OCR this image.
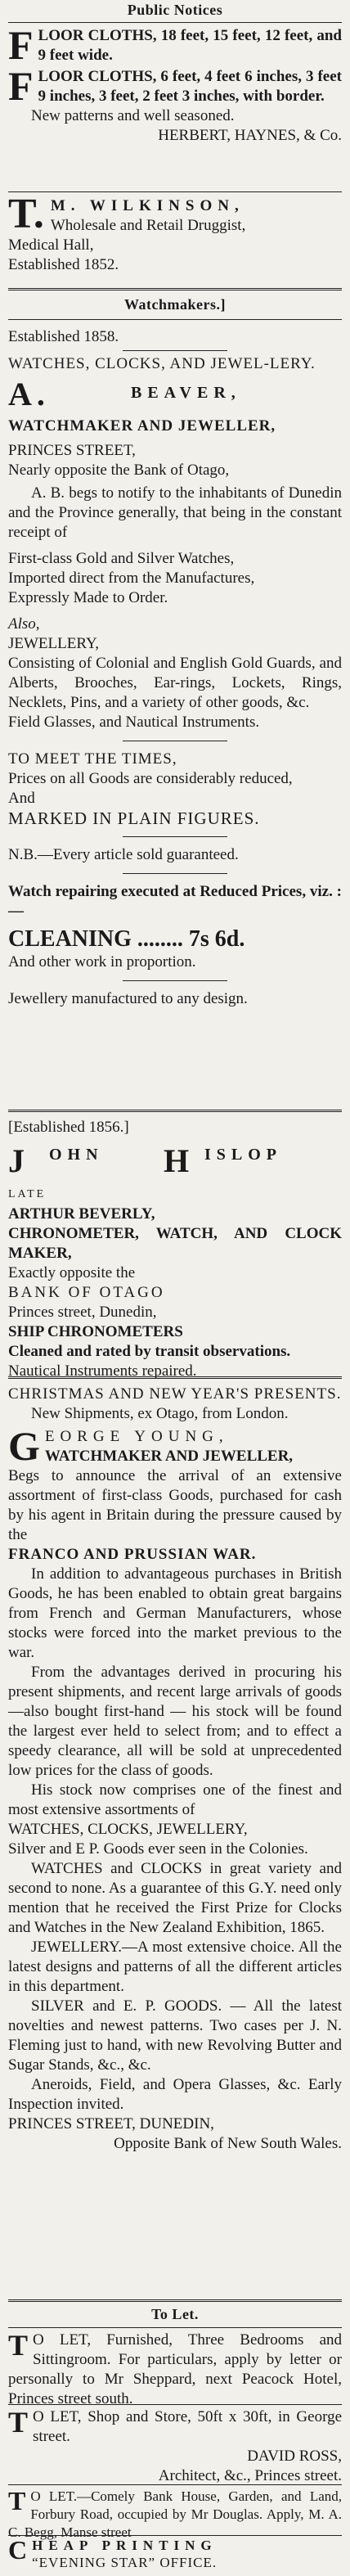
Public Notices

FLOOR CLOTHS, 18 feet, 15 feet, 12 feet, and 9 feet wide.

FLOOR CLOTHS, 6 feet, 4 feet 6 inches, 3 feet 9 inches, 3 feet, 2 feet 3 inches, with border.

New patterns and well seasoned.

HERBERT, HAYNES, & Co.

T. M. WILKINSON,
Wholesale and Retail Druggist,
Medical Hall,
Established 1852.
Watchmakers.]

Established 1858.

WATCHES, CLOCKS, AND JEWEL-LERY.

A.	BEAVER,

WATCHMAKER AND JEWELLER,

PRINCES STREET,

Nearly opposite the Bank of Otago,

A. B. begs to notify to the inhabitants of Dunedin and the Province generally, that being in the constant receipt of

First-class Gold and Silver Watches,

Imported direct from the Manufactures,

Expressly Made to Order.

Also,

JEWELLERY,

Consisting of Colonial and English Gold Guards, and Alberts, Brooches, Ear-rings, Lockets, Rings, Necklets, Pins, and a variety of other goods, &c.

Field Glasses, and Nautical Instruments.

TO MEET THE TIMES,

Prices on all Goods are considerably reduced,

And

MARKED IN PLAIN FIGURES.

N.B.—Every article sold guaranteed.

Watch repairing executed at Reduced Prices, viz. :—

CLEANING ........ 7s 6d.

And other work in proportion.

Jewellery manufactured to any design.

[Established 1856.]

J OHN H ISLOP

LATE

ARTHUR BEVERLY,

CHRONOMETER, WATCH, AND CLOCK MAKER,

Exactly opposite the

BANK OF OTAGO

Princes street, Dunedin,

SHIP CHRONOMETERS

Cleaned and rated by transit observations.

Nautical Instruments repaired.

CHRISTMAS AND NEW YEAR'S PRESENTS.

New Shipments, ex Otago, from London.

GEORGE YOUNG,
WATCHMAKER AND JEWELLER,

Begs to announce the arrival of an extensive assortment of first-class Goods, purchased for cash by his agent in Britain during the pressure caused by the

FRANCO AND PRUSSIAN WAR.

In addition to advantageous purchases in British Goods, he has been enabled to obtain great bargains from French and German Manufacturers, whose stocks were forced into the market previous to the war.

From the advantages derived in procuring his present shipments, and recent large arrivals of goods—also bought first-hand — his stock will be found the largest ever held to select from; and to effect a speedy clearance, all will be sold at unprecedented low prices for the class of goods.

His stock now comprises one of the finest and most extensive assortments of

WATCHES, CLOCKS, JEWELLERY,

Silver and E P. Goods ever seen in the Colonies.

WATCHES and CLOCKS in great variety and second to none. As a guarantee of this G.Y. need only mention that he received the First Prize for Clocks and Watches in the New Zealand Exhibition, 1865.

JEWELLERY.—A most extensive choice. All the latest designs and patterns of all the different articles in this department.

SILVER and E. P. GOODS. — All the latest novelties and newest patterns. Two cases per J. N. Fleming just to hand, with new Revolving Butter and Sugar Stands, &c., &c.

Aneroids, Field, and Opera Glasses, &c. Early Inspection invited.

PRINCES STREET, DUNEDIN,

Opposite Bank of New South Wales.

To Let.

T O LET, Furnished, Three Bedrooms and Sittingroom. For particulars, apply by letter or personally to Mr Sheppard, next Peacock Hotel, Princes street south.

T O LET, Shop and Store, 50ft x 30ft, in George street.

DAVID ROSS,

Architect, &c., Princes street.

T O LET.—Comely Bank House, Garden, and Land, Forbury Road, occupied by Mr Douglas. Apply, M. A. C. Begg, Manse street

C HEAP PRINTING
“EVENING STAR” OFFICE.
